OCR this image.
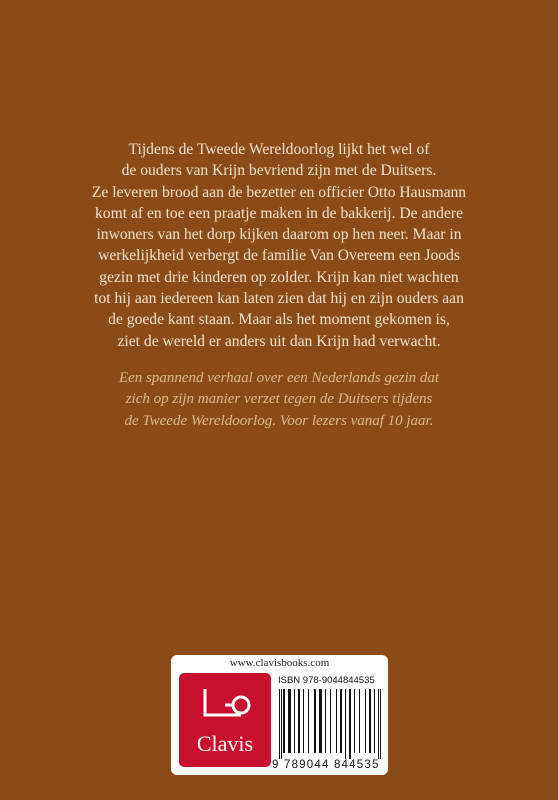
Tijdens de Tweede Wereldoorlog lijkt het wel of
de ouders van Krijn bevriend zijn met de Duitsers.
Ze leveren brood aan de bezetter en officier Otto Hausmann
komt af en toe een praatje maken in de bakkerij. De andere
inwoners van het dorp kijken daarom op hen neer. Maar in
werkelijkheid verbergt de familie Van Overeem een Joods
gezin met drie kinderen op zolder. Krijn kan niet wachten
tot hij aan iedereen kan laten zien dat hij en zijn ouders aan
de goede kant staan. Maar als het moment gekomen is,
ziet de wereld er anders uit dan Krijn had verwacht.
Een spannend verhaal over een Nederlands gezin dat
zich op zijn manier verzet tegen de Duitsers tijdens
de Tweede Wereldoorlog. Voor lezers vanaf 10 jaar.
www.clavisbooks.com
Clavis
ISBN 978-9044844535
9 789044 844535
